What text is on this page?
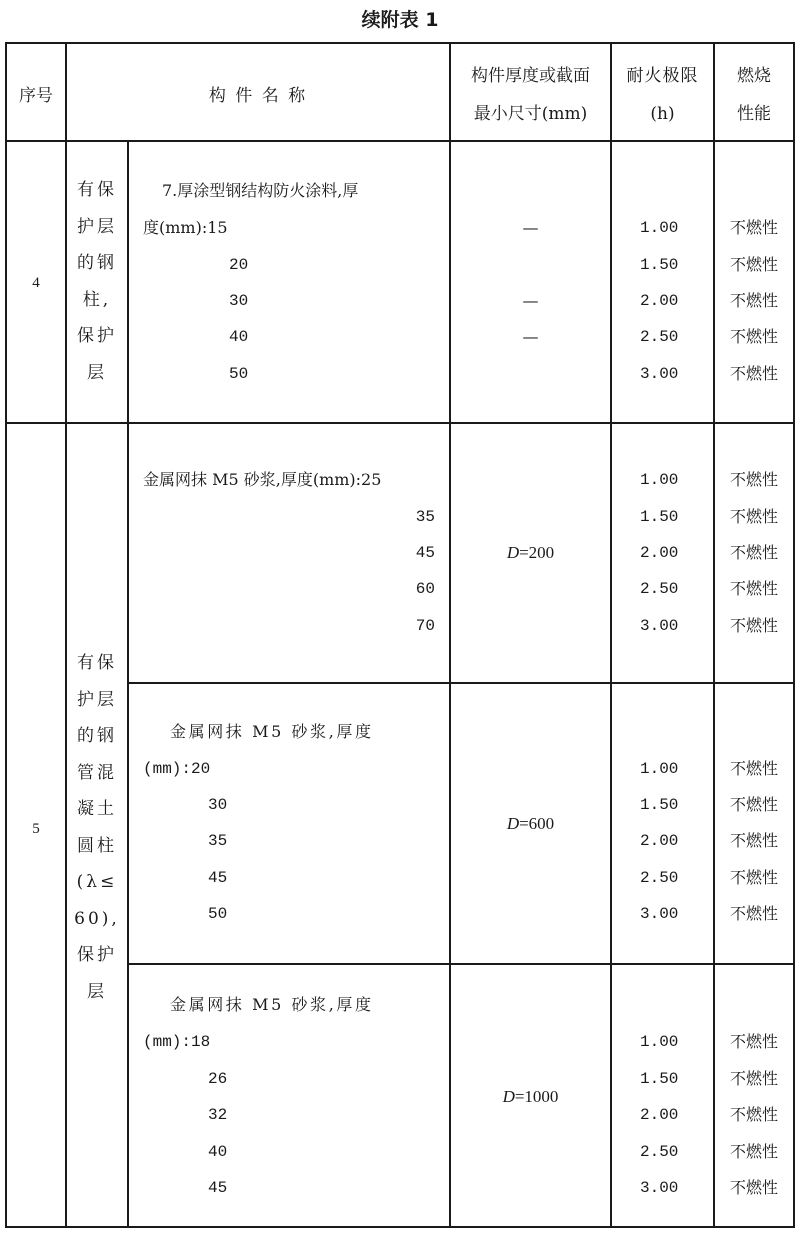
续附表 1
序号	构 件 名 称
构件厚度或截面
最小尺寸(mm)
耐火极限
(h)
燃烧
性能
4
有保
护层
的钢
柱,
保护
层
7.厚涂型钢结构防火涂料,厚
度(mm):15
20
30
40
50
—
—
—
1.00
1.50
2.00
2.50
3.00
不燃性
不燃性
不燃性
不燃性
不燃性
5
有保
护层
的钢
管混
凝土
圆柱
(λ≤
60),
保护
层
金属网抹 M5 砂浆,厚度(mm):25
35
45
60
70
D=200
1.00
1.50
2.00
2.50
3.00
不燃性
不燃性
不燃性
不燃性
不燃性
金属网抹 M5 砂浆,厚度
(mm):20
30
35
45
50
D=600
1.00
1.50
2.00
2.50
3.00
不燃性
不燃性
不燃性
不燃性
不燃性
金属网抹 M5 砂浆,厚度
(mm):18
26
32
40
45
D=1000
1.00
1.50
2.00
2.50
3.00
不燃性
不燃性
不燃性
不燃性
不燃性
